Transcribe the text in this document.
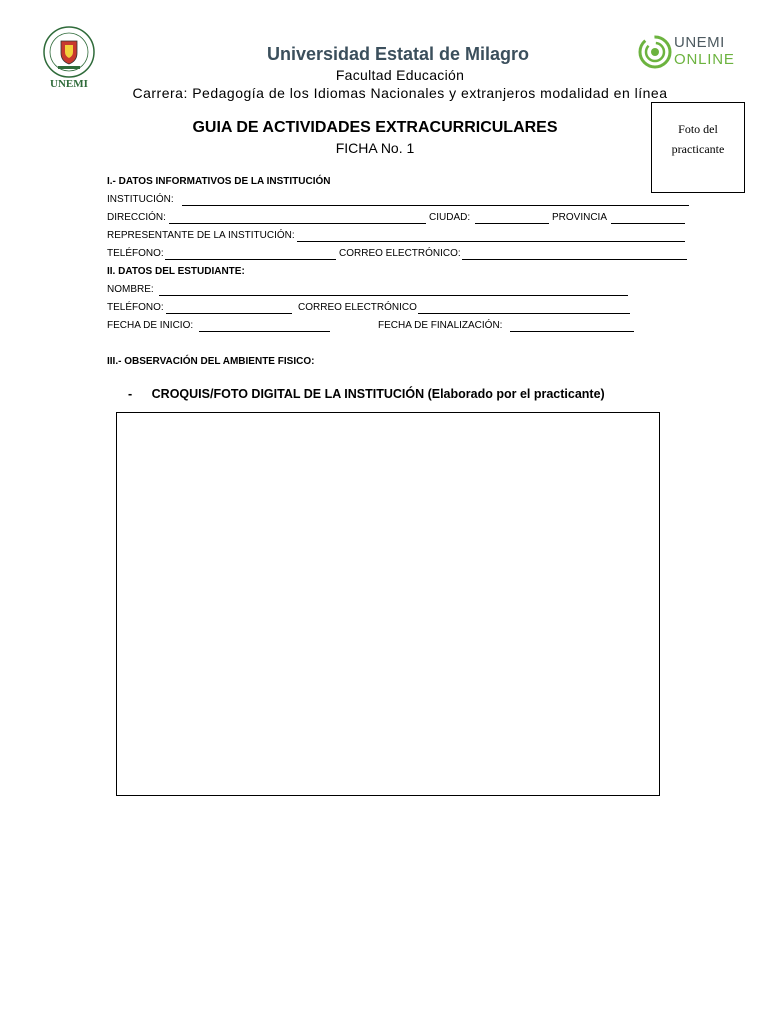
UNEMI
UNEMI
ONLINE
Universidad Estatal de Milagro
Facultad Educación
Carrera: Pedagogía de los Idiomas Nacionales y extranjeros modalidad en línea
GUIA DE ACTIVIDADES EXTRACURRICULARES
FICHA No. 1
Foto del
practicante
I.- DATOS INFORMATIVOS DE LA INSTITUCIÓN
INSTITUCIÓN:
DIRECCIÓN:	CIUDAD:	PROVINCIA
REPRESENTANTE DE LA INSTITUCIÓN:
TELÉFONO:	CORREO ELECTRÓNICO:
II. DATOS DEL ESTUDIANTE:
NOMBRE:
TELÉFONO:	CORREO ELECTRÓNICO
FECHA DE INICIO:	FECHA DE FINALIZACIÓN:
III.- OBSERVACIÓN DEL AMBIENTE FISICO:
- CROQUIS/FOTO DIGITAL DE LA INSTITUCIÓN (Elaborado por el practicante)
